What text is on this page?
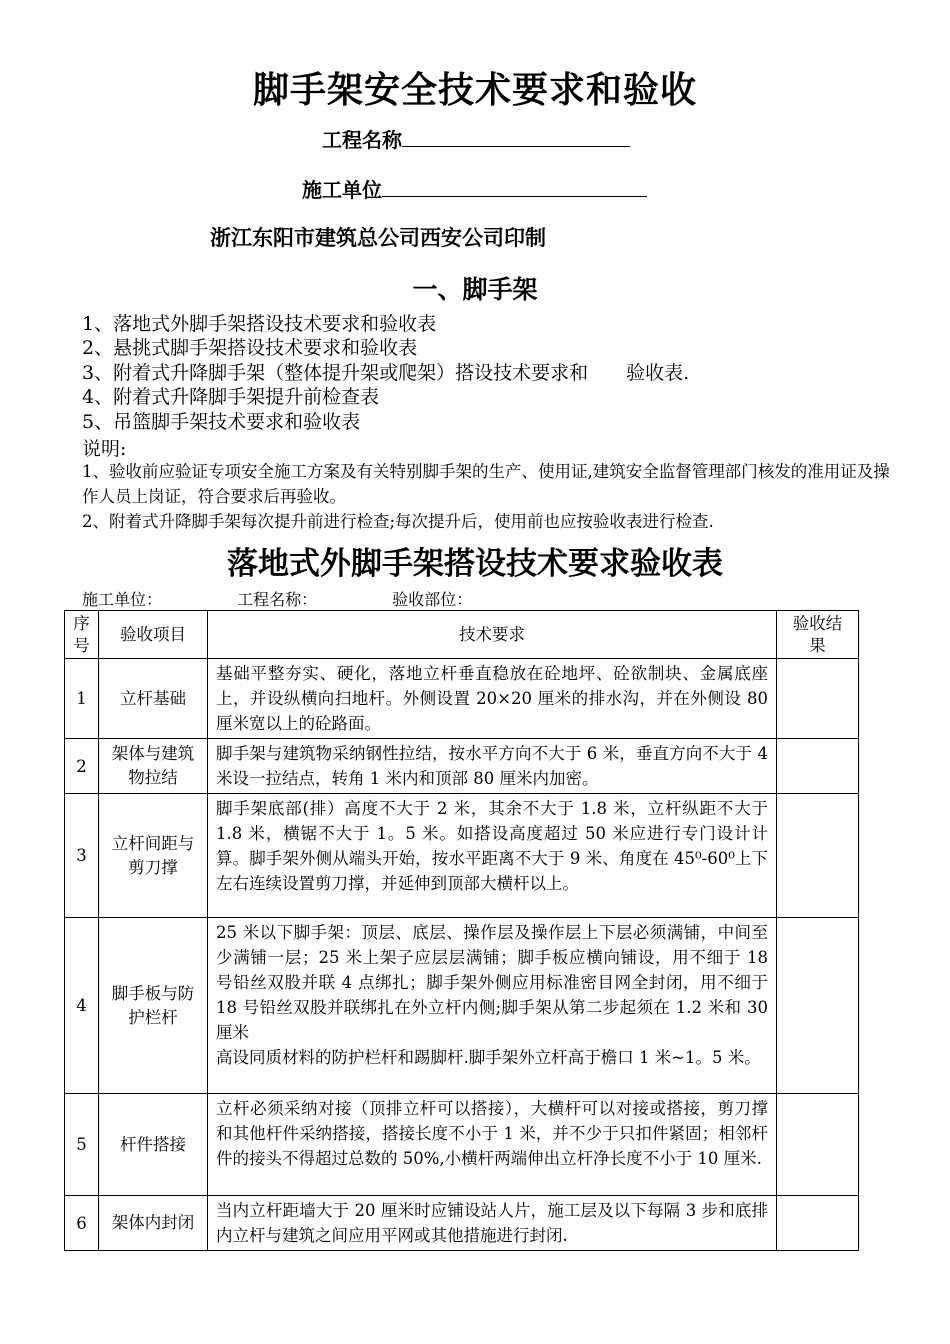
脚手架安全技术要求和验收
工程名称
施工单位
浙江东阳市建筑总公司西安公司印制
一、脚手架
1、落地式外脚手架搭设技术要求和验收表
2、悬挑式脚手架搭设技术要求和验收表
3、附着式升降脚手架（整体提升架或爬架）搭设技术要求和　　验收表.
4、附着式升降脚手架提升前检查表
5、吊篮脚手架技术要求和验收表
说明:
1、验收前应验证专项安全施工方案及有关特别脚手架的生产、使用证,建筑安全监督管理部门核发的准用证及操作人员上岗证，符合要求后再验收。
2、附着式升降脚手架每次提升前进行检查;每次提升后，使用前也应按验收表进行检查.
落地式外脚手架搭设技术要求验收表
施工单位：	工程名称：	验收部位：
序号	验收项目	技术要求	验收结果
1	立杆基础	基础平整夯实、硬化，落地立杆垂直稳放在砼地坪、砼欲制块、金属底座上，并设纵横向扫地杆。外侧设置 20×20 厘米的排水沟，并在外侧设 80 厘米宽以上的砼路面。	
2	架体与建筑物拉结	脚手架与建筑物采纳钢性拉结，按水平方向不大于 6 米，垂直方向不大于 4 米设一拉结点，转角 1 米内和顶部 80 厘米内加密。	
3	立杆间距与剪刀撑	脚手架底部(排）高度不大于 2 米，其余不大于 1.8 米，立杆纵距不大于 1.8 米，横锯不大于 1。5 米。如搭设高度超过 50 米应进行专门设计计算。脚手架外侧从端头开始，按水平距离不大于 9 米、角度在 45⁰-60⁰上下左右连续设置剪刀撑，并延伸到顶部大横杆以上。	
4	脚手板与防护栏杆	25 米以下脚手架：顶层、底层、操作层及操作层上下层必须满铺，中间至少满铺一层；25 米上架子应层层满铺；脚手板应横向铺设，用不细于 18 号铅丝双股并联 4 点绑扎；脚手架外侧应用标准密目网全封闭，用不细于 18 号铅丝双股并联绑扎在外立杆内侧;脚手架从第二步起须在 1.2 米和 30 厘米
高设同质材料的防护栏杆和踢脚杆.脚手架外立杆高于檐口 1 米~1。5 米。	
5	杆件搭接	立杆必须采纳对接（顶排立杆可以搭接），大横杆可以对接或搭接，剪刀撑和其他杆件采纳搭接，搭接长度不小于 1 米，并不少于只扣件紧固；相邻杆件的接头不得超过总数的 50%,小横杆两端伸出立杆净长度不小于 10 厘米.	
6	架体内封闭	当内立杆距墙大于 20 厘米时应铺设站人片，施工层及以下每隔 3 步和底排内立杆与建筑之间应用平网或其他措施进行封闭.	
